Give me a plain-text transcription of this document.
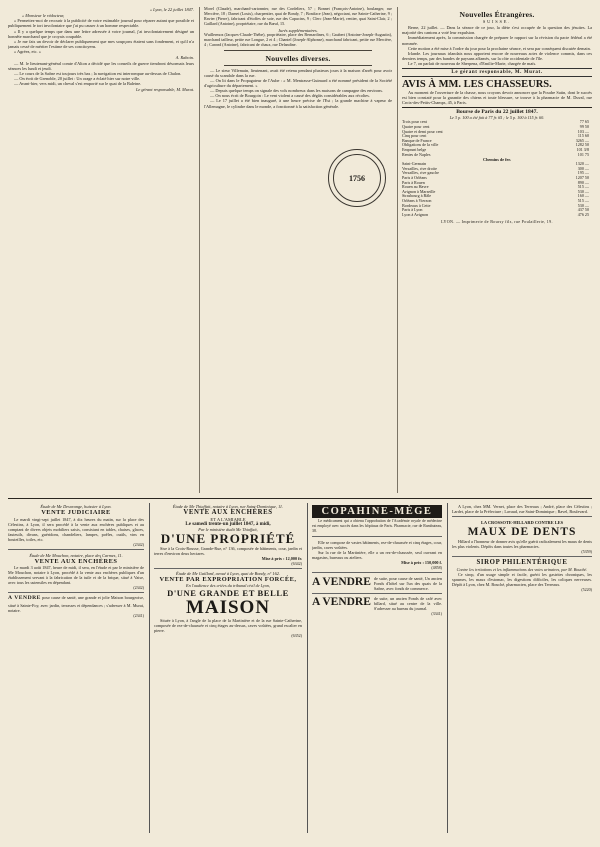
« Lyon, le 22 juillet 1847.
« Monsieur le rédacteur,

« Permettez-moi de recourir à la publicité de votre estimable journal pour réparer autant que possible et publiquement le tort involontaire que j'ai pu causer à un homme respectable.

« Il y a quelque temps que dans une lettre adressée à votre journal, j'ai involontairement désigné un honnête marchand que je croyais coupable.

« Je me fais un devoir de déclarer publiquement que mes soupçons étaient sans fondement, et qu'il n'a jamais cessé de mériter l'estime de ses concitoyens.

« Agréez, etc. »

A. Raboin.

— M. le lieutenant-général comte d'Alton a décidé que les conseils de guerre tiendront désormais leurs séances les lundi et jeudi.

— Le cours de la Saône est toujours très bas ; la navigation est interrompue au-dessus de Chalon.

— On écrit de Grenoble, 20 juillet : Un orage a éclaté hier sur notre ville.

— Avant-hier, vers midi, un cheval s'est emporté sur le quai de la Baleine.

Le gérant responsable, M. Murat.
Morel (Claude), marchand-cartonnier, rue des Cordeliers, 57 ; Bonnet (François-Antoine), boulanger, rue Mercière, 18 ; Darnet (Louis), charpentier, quai de Bondy, 7 ; Boniface (Jean), négociant, rue Sainte-Catherine, 9 ; Ravier (Pierre), fabricant d'étoffes de soie, rue des Capucins, 9 ; Clerc (Jean-Marie), rentier, quai Saint-Clair, 2 ; Gaillard (Antoine), propriétaire, rue du Bœuf, 15.
Jurés supplémentaires.
Wuillermoz (Jacques-Claude-Thèbe), propriétaire, place des Bernardines, 6 ; Gaubert (Antoine-Joseph-Augustin), marchand tailleur, petite rue Longue, 2 et 4 ; Chantel (Joseph-Alphonse), marchand fabricant, petite rue Mercière, 4 ; Carond (Antoine), fabricant de chaux, rue Delandine.
Nouvelles diverses.

— Le sieur Villemain, lieutenant, avait été retenu pendant plusieurs jours à la maison d'arrêt pour avoir causé du scandale dans la rue.

— On lit dans le Propagateur de l'Aube : « M. Mentrasse-Guimard a été nommé président de la Société d'agriculture du département. »

— Depuis quelque temps on signale des vols nombreux dans les maisons de campagne des environs.

— On nous écrit de Bourgoin : Le vent violent a causé des dégâts considérables aux récoltes.

— Le 17 juillet a été bien inauguré, à une heure précise de l'Est ; la grande machine à vapeur de l'Allemagne, le cylindre dans le monde, a fonctionné à la satisfaction générale.

1756
Nouvelles Étrangères.
SUISSE.

Berne, 22 juillet. — Dans la séance de ce jour, la diète s'est occupée de la question des jésuites. La majorité des cantons a voté leur expulsion.

Immédiatement après, la commission chargée de préparer le rapport sur la révision du pacte fédéral a été nommée.

Cette motion a été mise à l'ordre du jour pour la prochaine séance, et sera par conséquent discutée demain.

Irlande. Les journaux irlandais nous apportent encore de nouveaux actes de violence commis, dans ces derniers temps, par des bandes de paysans affamés, sur la côte occidentale de l'île.

Le 7, on parlait de nouveau de Sherpena, d'Emilie-Marie, chargée de maïs.

Le gérant responsable, M. Murat.
AVIS À MM. LES CHASSEURS.

Au moment de l'ouverture de la chasse, nous croyons devoir annoncer que la Poudre Satin, dont le succès est bien constaté pour la garantie des chiens et toute blessure, se trouve à la pharmacie de M. Duval, rue Croix-des-Petits-Champs, 45, à Paris.

Bourse de Paris du 22 juillet 1847.
Le 3 p. 100 a été fait à 77 fr. 65 ; le 5 p. 100 à 115 fr. 60.
Trois pour cent	77 65
Quatre pour cent	99 50
Quatre et demi pour cent	103 —
Cinq pour cent	115 60
Banque de France	3265 —
Obligations de la ville	1282 50
Emprunt belge	101 3/8
Rentes de Naples	101 75
Chemins de fer.
Saint-Germain	1320 —
Versailles, rive droite	300 —
Versailles, rive gauche	195 —
Paris à Orléans	1207 50
Paris à Rouen	890 —
Rouen au Havre	515 —
Avignon à Marseille	530 —
Strasbourg à Bâle	160 —
Orléans à Vierzon	515 —
Bordeaux à Cette	530 —
Paris à Lyon	437 50
Lyon à Avignon	476 25
LYON. — Imprimerie de Boursy fils, rue Poulaillerie, 19.
Étude de Me Desorange, huissier à Lyon.
VENTE JUDICIAIRE

Le mardi vingt-sept juillet 1847, à dix heures du matin, sur la place des Célestins, à Lyon, il sera procédé à la vente aux enchères publiques et au comptant de divers objets mobiliers saisis, consistant en tables, chaises, glaces, fauteuils, divans, guéridons, chandeliers, lampes, poêles, outils, vins en bouteilles, toiles, etc.

(2342)
Étude de Me Mouchon, notaire, place des Carmes, 11.
VENTE AUX ENCHÈRES

Le mardi 3 août 1847, heure de midi, il sera, en l'étude et par le ministère de Me Mouchon, notaire à Lyon, procédé à la vente aux enchères publiques d'un établissement servant à la fabrication de la tuile et de la brique, situé à Vaise, avec tous les ustensiles en dépendant.

(2342)
A VENDRE pour cause de santé, une grande et jolie Maison bourgeoise, situé à Sainte-Foy, avec jardin, terrasses et dépendances ; s'adresser à M. Murat, notaire.
(2341)
Étude de Me Thiaffait, notaire à Lyon, rue Saint-Dominique, 11.
VENTE AUX ENCHÈRES
ET A L'AMIABLE
Le samedi trente-un juillet 1847, à midi,
Par le ministère dudit Me Thiaffait,
D'UNE PROPRIÉTÉ

Sise à la Croix-Rousse, Grande-Rue, n° 136, composée de bâtiments, cour, jardin et terres d'environ deux hectares.

Mise à prix : 12,000 fr.
(6342)
Étude de Me Gaillard, avoué à Lyon, quai de Bondy, n° 162.
VENTE PAR EXPROPRIATION FORCÉE,
En l'audience des criées du tribunal civil de Lyon,
D'UNE GRANDE ET BELLE
MAISON

Située à Lyon, à l'angle de la place de la Martinière et de la rue Sainte-Catherine, composée de rez-de-chaussée et cinq étages au-dessus, caves voûtées, grand escalier en pierre.

(6352)
COPAHINE-MÈGE

Le médicament qui a obtenu l'approbation de l'Académie royale de médecine est employé avec succès dans les hôpitaux de Paris. Pharmacie, rue de Rambuteau, 38.

Elle se compose de vastes bâtiments, rez-de-chaussée et cinq étages, cour, jardin, caves voûtées.

Sur la rue de la Martinière, elle a un rez-de-chaussée, seul ouvrant en magasins, bureaux ou ateliers.

Mise à prix : 150,000 f.
(4858)
A VENDRE de suite, pour cause de santé, Un ancien Fonds d'hôtel sur l'un des quais de la Saône, avec fonds de commerce.
A VENDRE de suite, un ancien Fonds de café avec billard, situé au centre de la ville. S'adresser au bureau du journal.
(3341)

A Lyon, chez MM. Vernet, place des Terreaux ; André, place des Célestins ; Lardet, place de la Préfecture ; Lavaud, rue Saint-Dominique ; Ravel, Boulevard.

LA CROSSOTE-HILLARD CONTRE LES
MAUX DE DENTS

Hillard a l'honneur de donner avis qu'elle guérit radicalement les maux de dents les plus violents. Dépôts dans toutes les pharmacies.

(5359)
SIROP PHILENTÉRIQUE
Contre les irritations et les inflammations des voies urinaires, par M. Bouché.

Ce sirop, d'un usage simple et facile, guérit les gastrites chroniques, les spasmes, les maux d'estomac, les digestions difficiles, les coliques nerveuses. Dépôt à Lyon, chez M. Bouché, pharmacien, place des Terreaux.

(5220)
